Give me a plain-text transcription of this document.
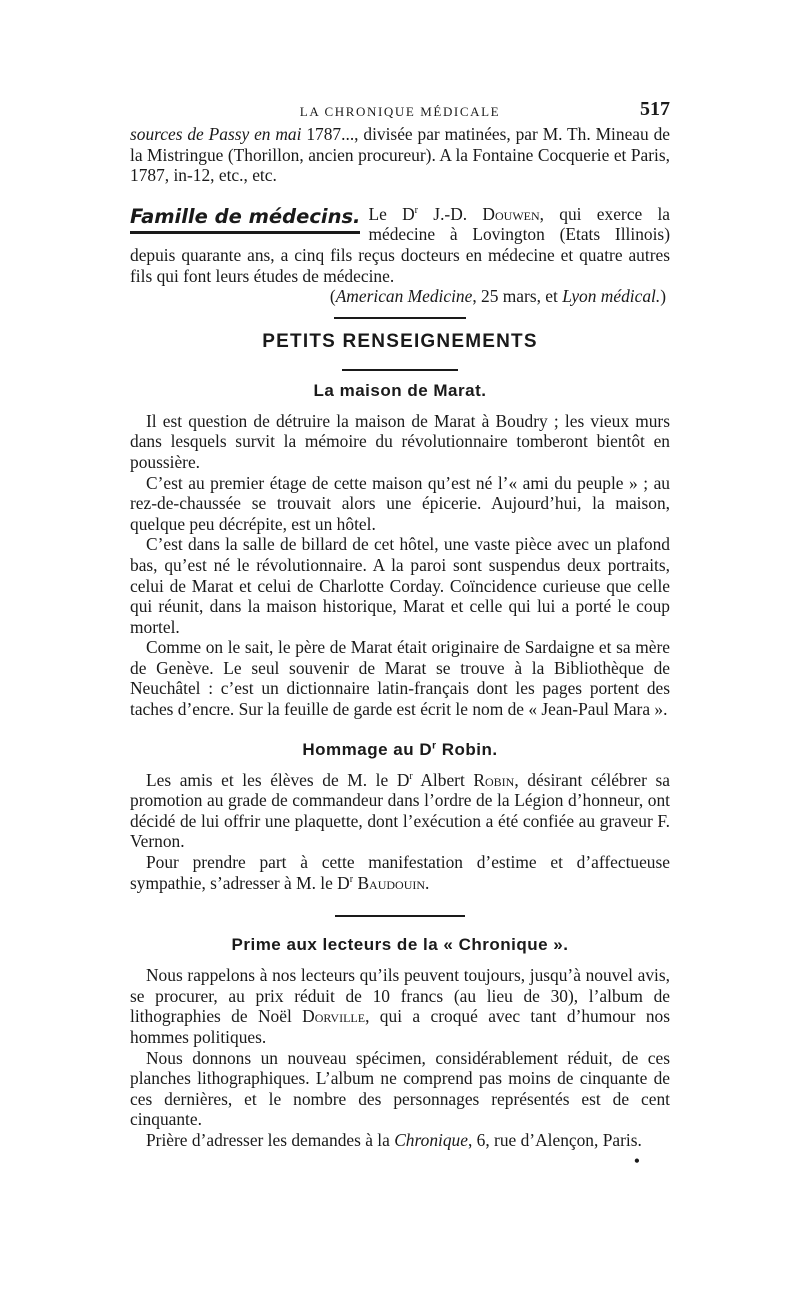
LA CHRONIQUE MÉDICALE	517

sources de Passy en mai 1787..., divisée par matinées, par M. Th. Mineau de la Mistringue (Thorillon, ancien procureur). A la Fontaine Cocquerie et Paris, 1787, in-12, etc., etc.

Famille de médecins. Le $D^r$ J.-D. Douwen, qui exerce la médecine à Lovington (Etats Illinois) depuis quarante ans, a cinq fils reçus docteurs en médecine et quatre autres fils qui font leurs études de médecine.

(American Medicine, 25 mars, et Lyon médical.)

PETITS RENSEIGNEMENTS
La maison de Marat.

Il est question de détruire la maison de Marat à Boudry ; les vieux murs dans lesquels survit la mémoire du révolutionnaire tomberont bientôt en poussière.

C’est au premier étage de cette maison qu’est né l’« ami du peuple » ; au rez-de-chaussée se trouvait alors une épicerie. Aujourd’hui, la maison, quelque peu décrépite, est un hôtel.

C’est dans la salle de billard de cet hôtel, une vaste pièce avec un plafond bas, qu’est né le révolutionnaire. A la paroi sont suspendus deux portraits, celui de Marat et celui de Charlotte Corday. Coïncidence curieuse que celle qui réunit, dans la maison historique, Marat et celle qui lui a porté le coup mortel.

Comme on le sait, le père de Marat était originaire de Sardaigne et sa mère de Genève. Le seul souvenir de Marat se trouve à la Bibliothèque de Neuchâtel : c’est un dictionnaire latin-français dont les pages portent des taches d’encre. Sur la feuille de garde est écrit le nom de « Jean-Paul Mara ».

Hommage au $D^r$ Robin.

Les amis et les élèves de M. le $D^r$ Albert Robin, désirant célébrer sa promotion au grade de commandeur dans l’ordre de la Légion d’honneur, ont décidé de lui offrir une plaquette, dont l’exécution a été confiée au graveur F. Vernon.

Pour prendre part à cette manifestation d’estime et d’affectueuse sympathie, s’adresser à M. le $D^r$ Baudouin.

Prime aux lecteurs de la « Chronique ».

Nous rappelons à nos lecteurs qu’ils peuvent toujours, jusqu’à nouvel avis, se procurer, au prix réduit de 10 francs (au lieu de 30), l’album de lithographies de Noël Dorville, qui a croqué avec tant d’humour nos hommes politiques.

Nous donnons un nouveau spécimen, considérablement réduit, de ces planches lithographiques. L’album ne comprend pas moins de cinquante de ces dernières, et le nombre des personnages représentés est de cent cinquante.

Prière d’adresser les demandes à la Chronique, 6, rue d’Alençon, Paris.
•
